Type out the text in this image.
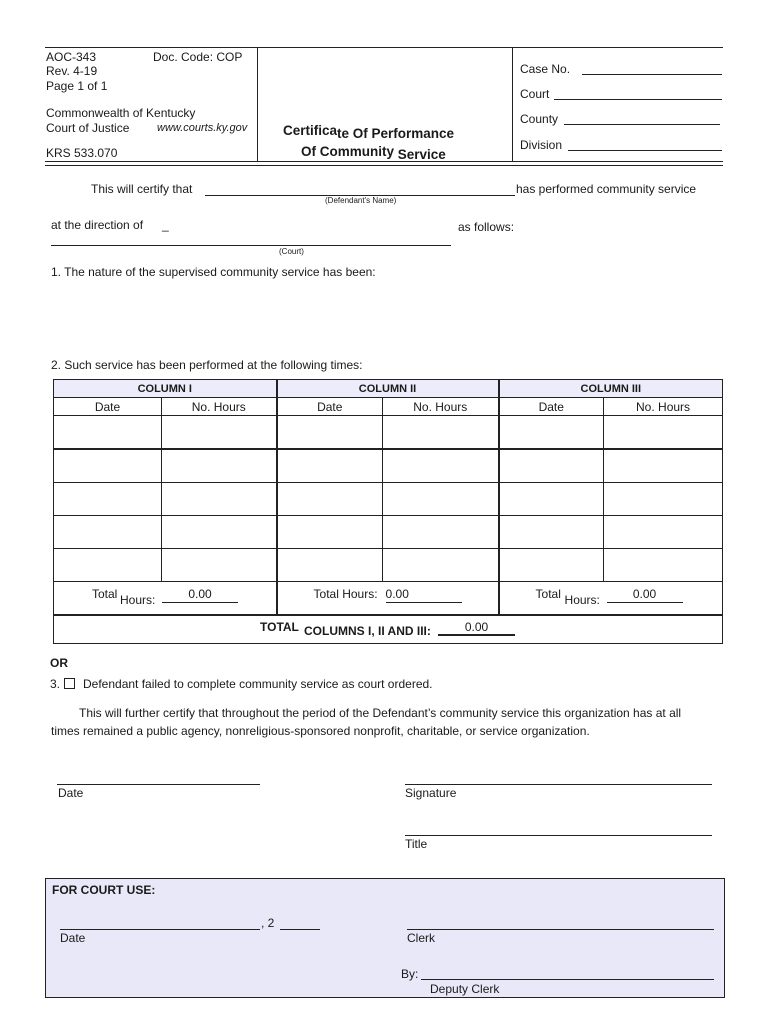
AOC-343	Doc. Code: COP
Rev. 4-19
Page 1 of 1
Commonwealth of Kentucky
Court of Justice	www.courts.ky.gov
KRS 533.070
Certificate Of Performance
Of Community Service
Case No.
Court
County
Division
This will certify that	has performed community service
(Defendant's Name)
at the direction of _	as follows:
(Court)
1. The nature of the supervised community service has been:
2. Such service has been performed at the following times:
COLUMN I		COLUMN II		COLUMN III	
Date	No. Hours	Date	No. Hours	Date	No. Hours

Total Hours: 0.00		Total Hours: 0.00		Total Hours: 0.00	

TOTAL COLUMNS I, II AND III: 0.00					
OR
3. Defendant failed to complete community service as court ordered.
This will further certify that throughout the period of the Defendant’s community service this organization has at all
times remained a public agency, nonreligious-sponsored nonprofit, charitable, or service organization.
Date	Signature
Title
FOR COURT USE:
, 2
Date	Clerk
By:
Deputy Clerk
